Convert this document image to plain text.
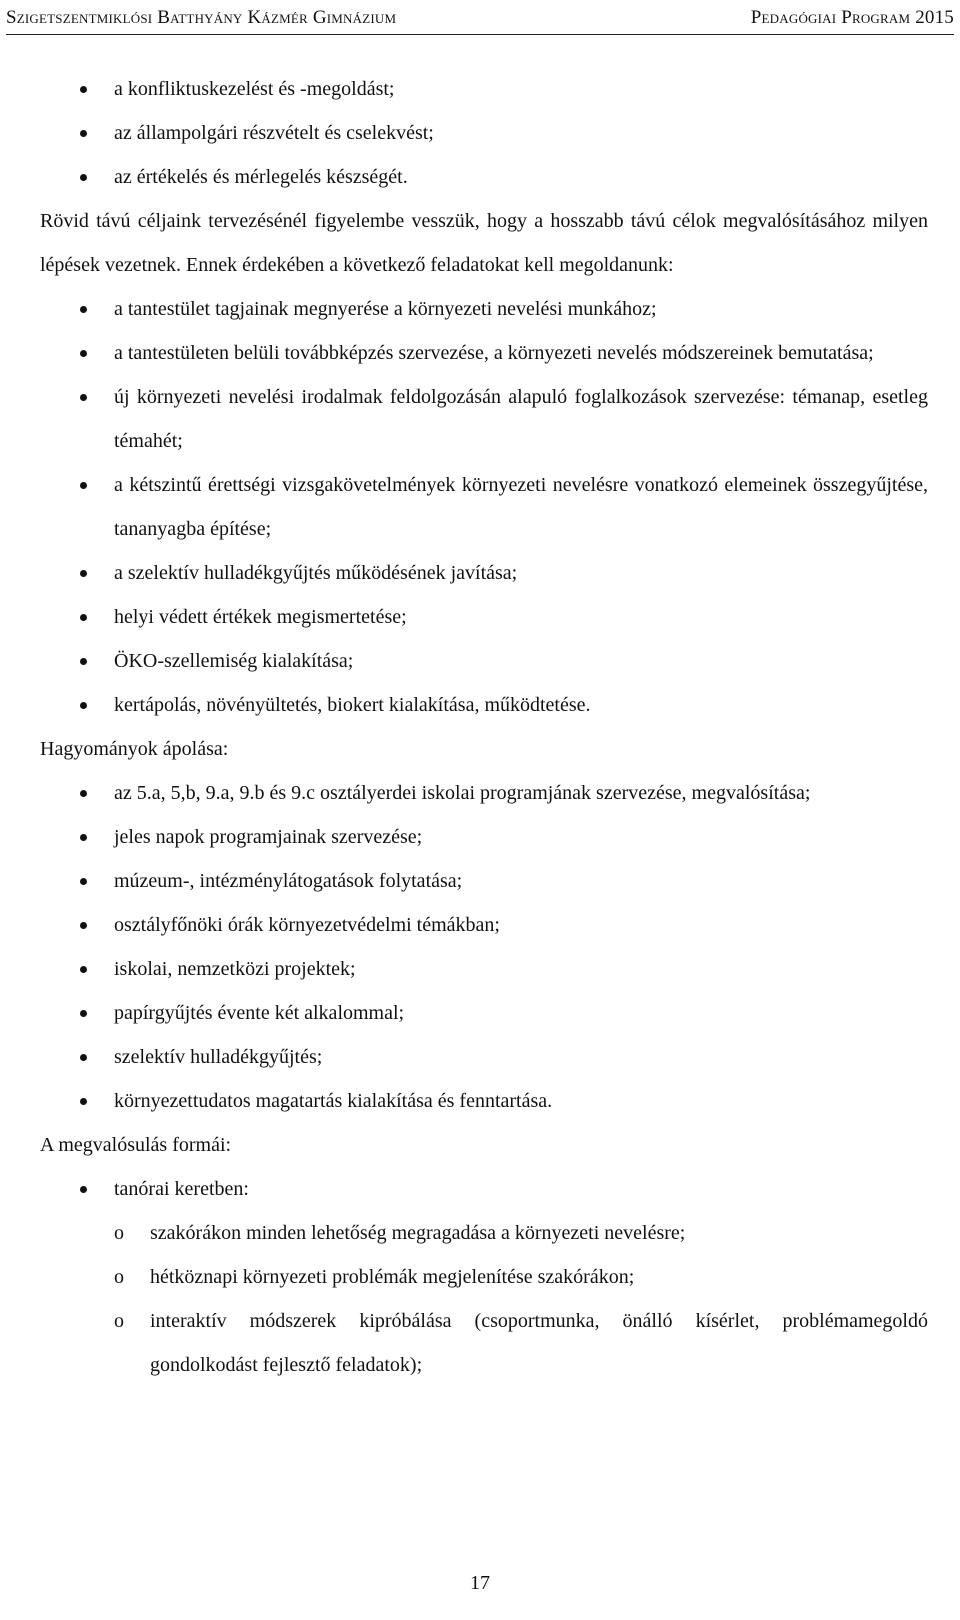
Szigetszentmiklósi Batthyány Kázmér Gimnázium	Pedagógiai Program 2015
a konfliktuskezelést és -megoldást;
az állampolgári részvételt és cselekvést;
az értékelés és mérlegelés készségét.

Rövid távú céljaink tervezésénél figyelembe vesszük, hogy a hosszabb távú célok megvalósításához milyen lépések vezetnek. Ennek érdekében a következő feladatokat kell megoldanunk:

a tantestület tagjainak megnyerése a környezeti nevelési munkához;
a tantestületen belüli továbbképzés szervezése, a környezeti nevelés módszereinek bemutatása;
új környezeti nevelési irodalmak feldolgozásán alapuló foglalkozások szervezése: témanap, esetleg témahét;
a kétszintű érettségi vizsgakövetelmények környezeti nevelésre vonatkozó elemeinek összegyűjtése, tananyagba építése;
a szelektív hulladékgyűjtés működésének javítása;
helyi védett értékek megismertetése;
ÖKO-szellemiség kialakítása;
kertápolás, növényültetés, biokert kialakítása, működtetése.

Hagyományok ápolása:

az 5.a, 5,b, 9.a, 9.b és 9.c osztályerdei iskolai programjának szervezése, megvalósítása;
jeles napok programjainak szervezése;
múzeum-, intézménylátogatások folytatása;
osztályfőnöki órák környezetvédelmi témákban;
iskolai, nemzetközi projektek;
papírgyűjtés évente két alkalommal;
szelektív hulladékgyűjtés;
környezettudatos magatartás kialakítása és fenntartása.

A megvalósulás formái:

tanórai keretben:
o szakórákon minden lehetőség megragadása a környezeti nevelésre;
o hétköznapi környezeti problémák megjelenítése szakórákon;
o interaktív módszerek kipróbálása (csoportmunka, önálló kísérlet, problémamegoldó gondolkodást fejlesztő feladatok);
17
